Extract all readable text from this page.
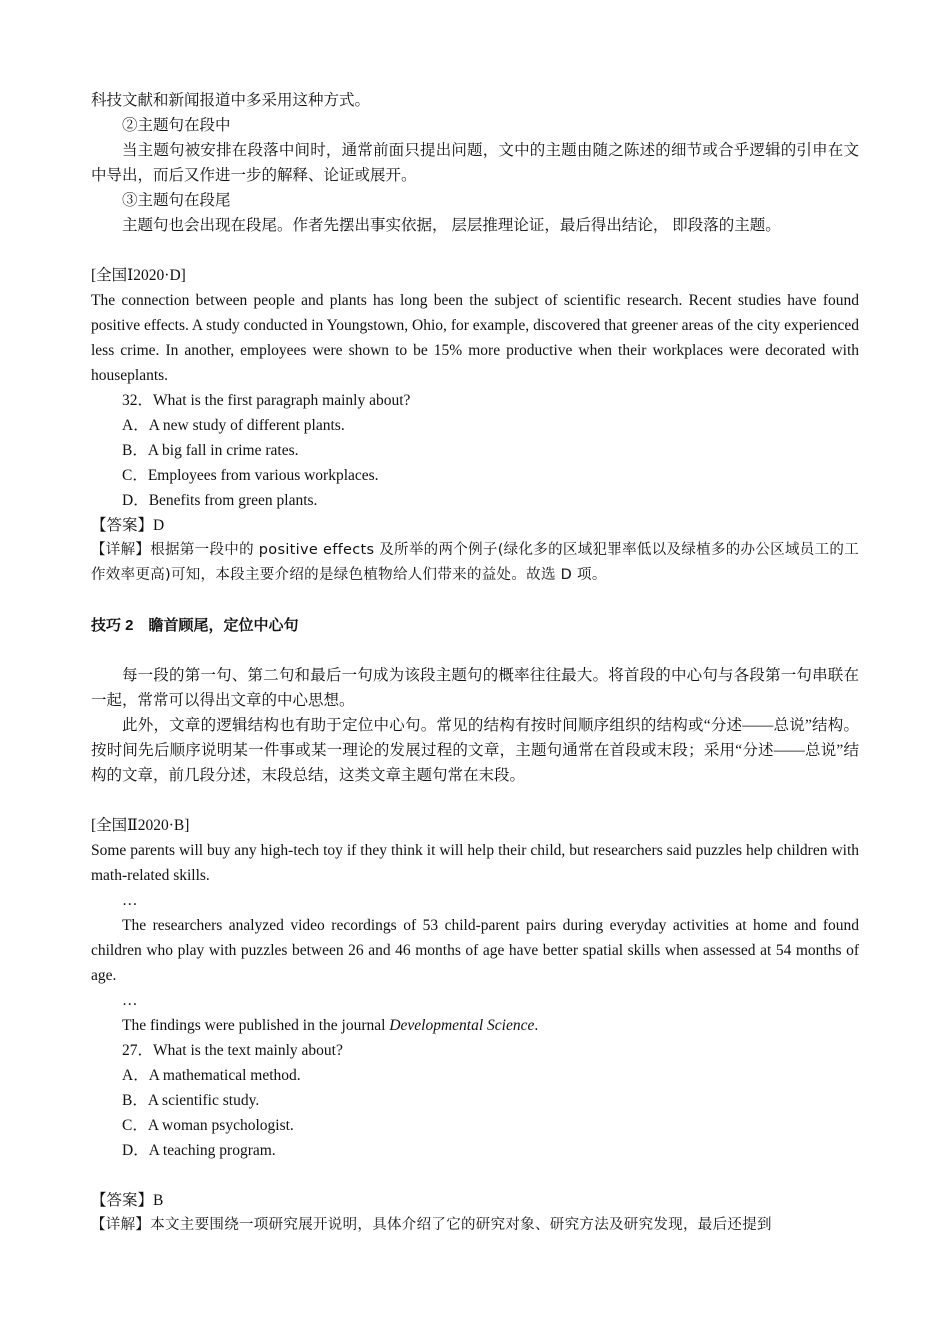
科技文献和新闻报道中多采用这种方式。

②主题句在段中

当主题句被安排在段落中间时，通常前面只提出问题，文中的主题由随之陈述的细节或合乎逻辑的引申在文中导出，而后又作进一步的解释、论证或展开。

③主题句在段尾

主题句也会出现在段尾。作者先摆出事实依据， 层层推理论证，最后得出结论， 即段落的主题。

[全国Ⅰ2020·D]

The connection between people and plants has long been the subject of scientific research. Recent studies have found positive effects. A study conducted in Youngstown, Ohio, for example, discovered that greener areas of the city experienced less crime. In another, employees were shown to be 15% more productive when their workplaces were decorated with houseplants.

32．What is the first paragraph mainly about?

A．A new study of different plants.

B．A big fall in crime rates.

C．Employees from various workplaces.

D．Benefits from green plants.

【答案】D

【详解】根据第一段中的 positive effects 及所举的两个例子(绿化多的区域犯罪率低以及绿植多的办公区域员工的工作效率更高)可知，本段主要介绍的是绿色植物给人们带来的益处。故选 D 项。

技巧 2　瞻首顾尾，定位中心句

每一段的第一句、第二句和最后一句成为该段主题句的概率往往最大。将首段的中心句与各段第一句串联在一起，常常可以得出文章的中心思想。

此外，文章的逻辑结构也有助于定位中心句。常见的结构有按时间顺序组织的结构或“分述——总说”结构。按时间先后顺序说明某一件事或某一理论的发展过程的文章，主题句通常在首段或末段；采用“分述——总说”结构的文章，前几段分述，末段总结，这类文章主题句常在末段。

[全国Ⅱ2020·B]

Some parents will buy any high-tech toy if they think it will help their child, but researchers said puzzles help children with math-related skills.

…

The researchers analyzed video recordings of 53 child-parent pairs during everyday activities at home and found children who play with puzzles between 26 and 46 months of age have better spatial skills when assessed at 54 months of age.

…

The findings were published in the journal Developmental Science.

27．What is the text mainly about?

A．A mathematical method.

B．A scientific study.

C．A woman psychologist.

D．A teaching program.

【答案】B

【详解】本文主要围绕一项研究展开说明，具体介绍了它的研究对象、研究方法及研究发现，最后还提到
